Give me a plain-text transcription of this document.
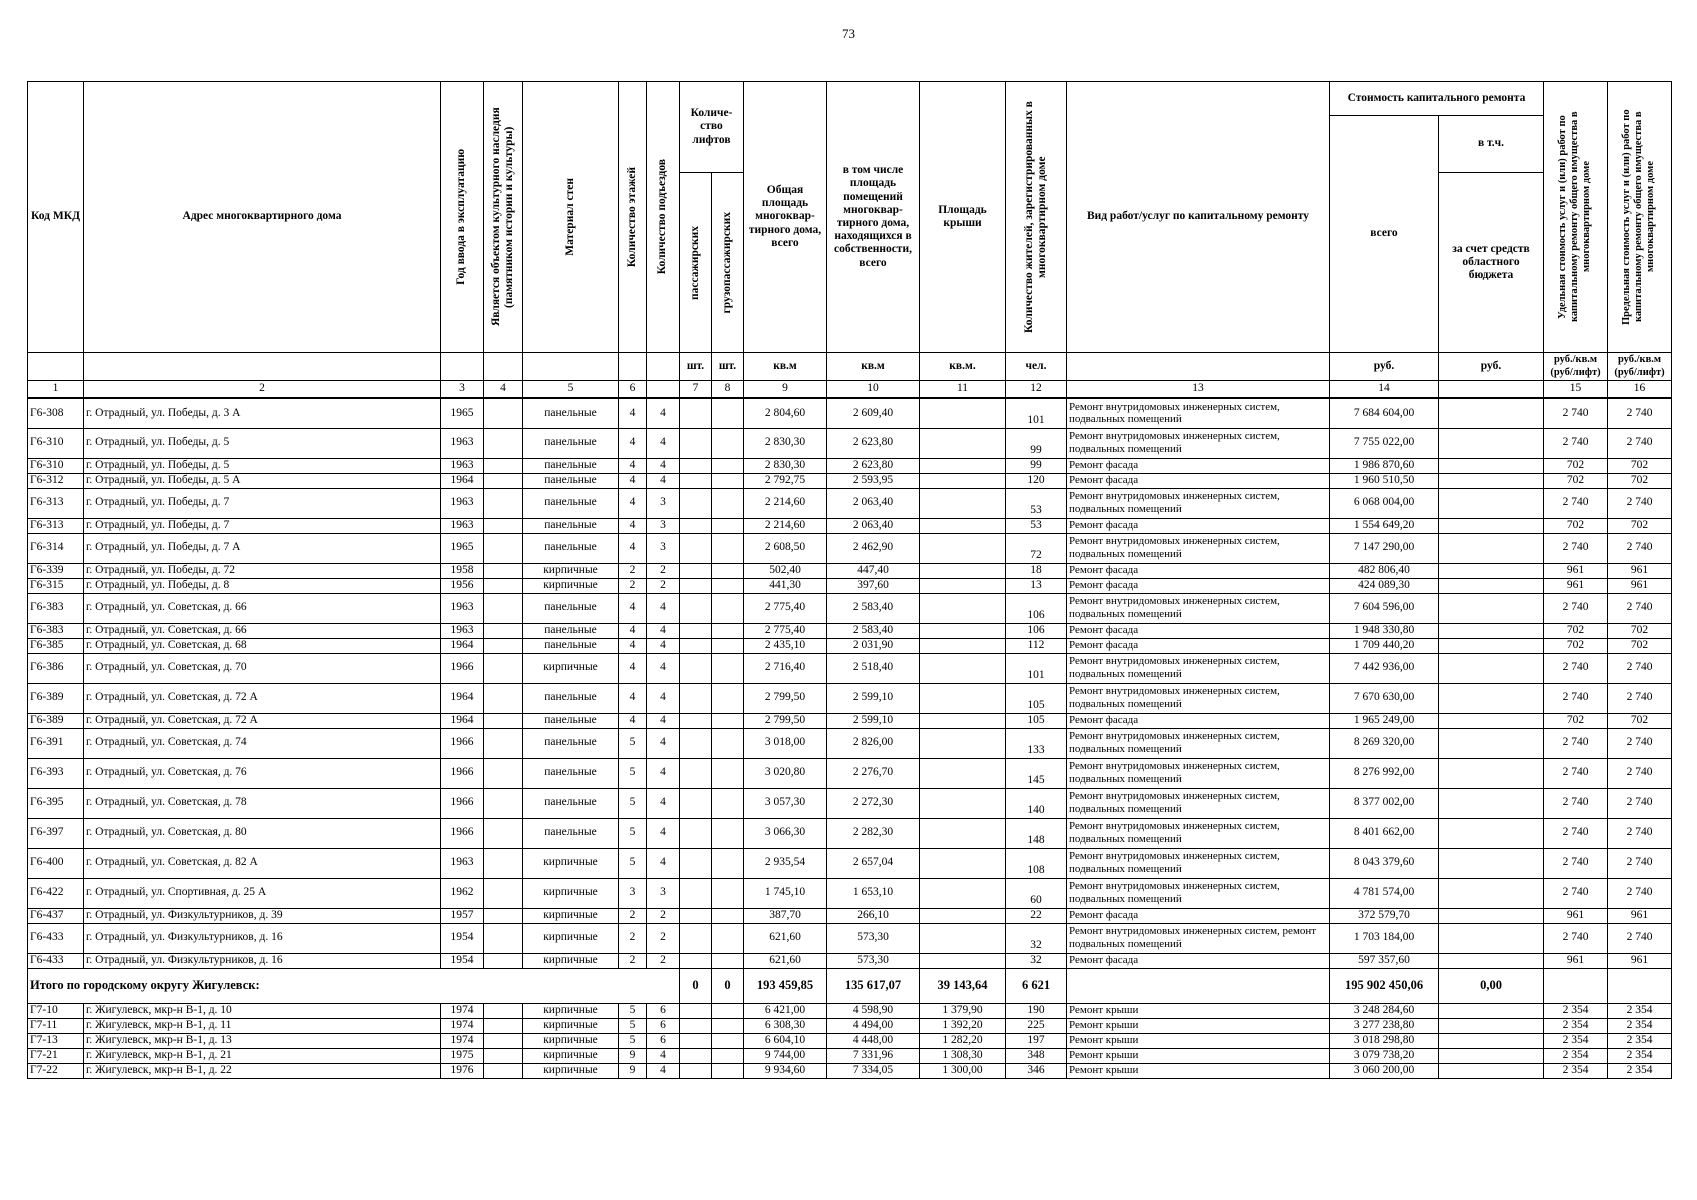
73
Код МКД	Адрес многоквартирного дома	Год ввода в эксплуатацию	Является объектом культурного наследия (памятником истории и культуры)	Материал стен	Количество этажей	Количество подъездов	Количе-ство лифтов		Общая площадь многоквар-тирного дома, всего	в том числе площадь помещений многоквар-тирного дома, находящихся в собственности, всего	Площадь крыши	Количество жителей, зарегистрированных в многоквартирном доме	Вид работ/услуг по капитальному ремонту	Стоимость капитального ремонта		Удельная стоимость услуг и (или) работ по капитальному ремонту общего имущества в многоквартирном доме	Предельная стоимость услуг и (или) работ по капитальному ремонту общего имущества в многоквартирном доме

														всего	в т.ч.		

							пассажирских	грузопассажирских							за счет средств областного бюджета		
							шт.	шт.	кв.м	кв.м	кв.м.	чел.		руб.	руб.	руб./кв.м (руб/лифт)	руб./кв.м (руб/лифт)
1	2	3	4	5	6		7	8	9	10	11	12	13	14		15	16
Г6-308	г. Отрадный, ул. Победы, д. 3 А	1965		панельные	4	4			2 804,60	2 609,40		101	Ремонт внутридомовых инженерных систем, подвальных помещений	7 684 604,00		2 740	2 740
Г6-310	г. Отрадный, ул. Победы, д. 5	1963		панельные	4	4			2 830,30	2 623,80		99	Ремонт внутридомовых инженерных систем, подвальных помещений	7 755 022,00		2 740	2 740
Г6-310	г. Отрадный, ул. Победы, д. 5	1963		панельные	4	4			2 830,30	2 623,80		99	Ремонт фасада	1 986 870,60		702	702
Г6-312	г. Отрадный, ул. Победы, д. 5 А	1964		панельные	4	4			2 792,75	2 593,95		120	Ремонт фасада	1 960 510,50		702	702
Г6-313	г. Отрадный, ул. Победы, д. 7	1963		панельные	4	3			2 214,60	2 063,40		53	Ремонт внутридомовых инженерных систем, подвальных помещений	6 068 004,00		2 740	2 740
Г6-313	г. Отрадный, ул. Победы, д. 7	1963		панельные	4	3			2 214,60	2 063,40		53	Ремонт фасада	1 554 649,20		702	702
Г6-314	г. Отрадный, ул. Победы, д. 7 А	1965		панельные	4	3			2 608,50	2 462,90		72	Ремонт внутридомовых инженерных систем, подвальных помещений	7 147 290,00		2 740	2 740
Г6-339	г. Отрадный, ул. Победы, д. 72	1958		кирпичные	2	2			502,40	447,40		18	Ремонт фасада	482 806,40		961	961
Г6-315	г. Отрадный, ул. Победы, д. 8	1956		кирпичные	2	2			441,30	397,60		13	Ремонт фасада	424 089,30		961	961
Г6-383	г. Отрадный, ул. Советская, д. 66	1963		панельные	4	4			2 775,40	2 583,40		106	Ремонт внутридомовых инженерных систем, подвальных помещений	7 604 596,00		2 740	2 740
Г6-383	г. Отрадный, ул. Советская, д. 66	1963		панельные	4	4			2 775,40	2 583,40		106	Ремонт фасада	1 948 330,80		702	702
Г6-385	г. Отрадный, ул. Советская, д. 68	1964		панельные	4	4			2 435,10	2 031,90		112	Ремонт фасада	1 709 440,20		702	702
Г6-386	г. Отрадный, ул. Советская, д. 70	1966		кирпичные	4	4			2 716,40	2 518,40		101	Ремонт внутридомовых инженерных систем, подвальных помещений	7 442 936,00		2 740	2 740
Г6-389	г. Отрадный, ул. Советская, д. 72 А	1964		панельные	4	4			2 799,50	2 599,10		105	Ремонт внутридомовых инженерных систем, подвальных помещений	7 670 630,00		2 740	2 740
Г6-389	г. Отрадный, ул. Советская, д. 72 А	1964		панельные	4	4			2 799,50	2 599,10		105	Ремонт фасада	1 965 249,00		702	702
Г6-391	г. Отрадный, ул. Советская, д. 74	1966		панельные	5	4			3 018,00	2 826,00		133	Ремонт внутридомовых инженерных систем, подвальных помещений	8 269 320,00		2 740	2 740
Г6-393	г. Отрадный, ул. Советская, д. 76	1966		панельные	5	4			3 020,80	2 276,70		145	Ремонт внутридомовых инженерных систем, подвальных помещений	8 276 992,00		2 740	2 740
Г6-395	г. Отрадный, ул. Советская, д. 78	1966		панельные	5	4			3 057,30	2 272,30		140	Ремонт внутридомовых инженерных систем, подвальных помещений	8 377 002,00		2 740	2 740
Г6-397	г. Отрадный, ул. Советская, д. 80	1966		панельные	5	4			3 066,30	2 282,30		148	Ремонт внутридомовых инженерных систем, подвальных помещений	8 401 662,00		2 740	2 740
Г6-400	г. Отрадный, ул. Советская, д. 82 А	1963		кирпичные	5	4			2 935,54	2 657,04		108	Ремонт внутридомовых инженерных систем, подвальных помещений	8 043 379,60		2 740	2 740
Г6-422	г. Отрадный, ул. Спортивная, д. 25 А	1962		кирпичные	3	3			1 745,10	1 653,10		60	Ремонт внутридомовых инженерных систем, подвальных помещений	4 781 574,00		2 740	2 740
Г6-437	г. Отрадный, ул. Физкультурников, д. 39	1957		кирпичные	2	2			387,70	266,10		22	Ремонт фасада	372 579,70		961	961
Г6-433	г. Отрадный, ул. Физкультурников, д. 16	1954		кирпичные	2	2			621,60	573,30		32	Ремонт внутридомовых инженерных систем, ремонт подвальных помещений	1 703 184,00		2 740	2 740
Г6-433	г. Отрадный, ул. Физкультурников, д. 16	1954		кирпичные	2	2			621,60	573,30		32	Ремонт фасада	597 357,60		961	961
Итого по городскому округу Жигулевск:							0	0	193 459,85	135 617,07	39 143,64	6 621		195 902 450,06	0,00		
Г7-10	г. Жигулевск, мкр-н В-1, д. 10	1974		кирпичные	5	6			6 421,00	4 598,90	1 379,90	190	Ремонт крыши	3 248 284,60		2 354	2 354
Г7-11	г. Жигулевск, мкр-н В-1, д. 11	1974		кирпичные	5	6			6 308,30	4 494,00	1 392,20	225	Ремонт крыши	3 277 238,80		2 354	2 354
Г7-13	г. Жигулевск, мкр-н В-1, д. 13	1974		кирпичные	5	6			6 604,10	4 448,00	1 282,20	197	Ремонт крыши	3 018 298,80		2 354	2 354
Г7-21	г. Жигулевск, мкр-н В-1, д. 21	1975		кирпичные	9	4			9 744,00	7 331,96	1 308,30	348	Ремонт крыши	3 079 738,20		2 354	2 354
Г7-22	г. Жигулевск, мкр-н В-1, д. 22	1976		кирпичные	9	4			9 934,60	7 334,05	1 300,00	346	Ремонт крыши	3 060 200,00		2 354	2 354
